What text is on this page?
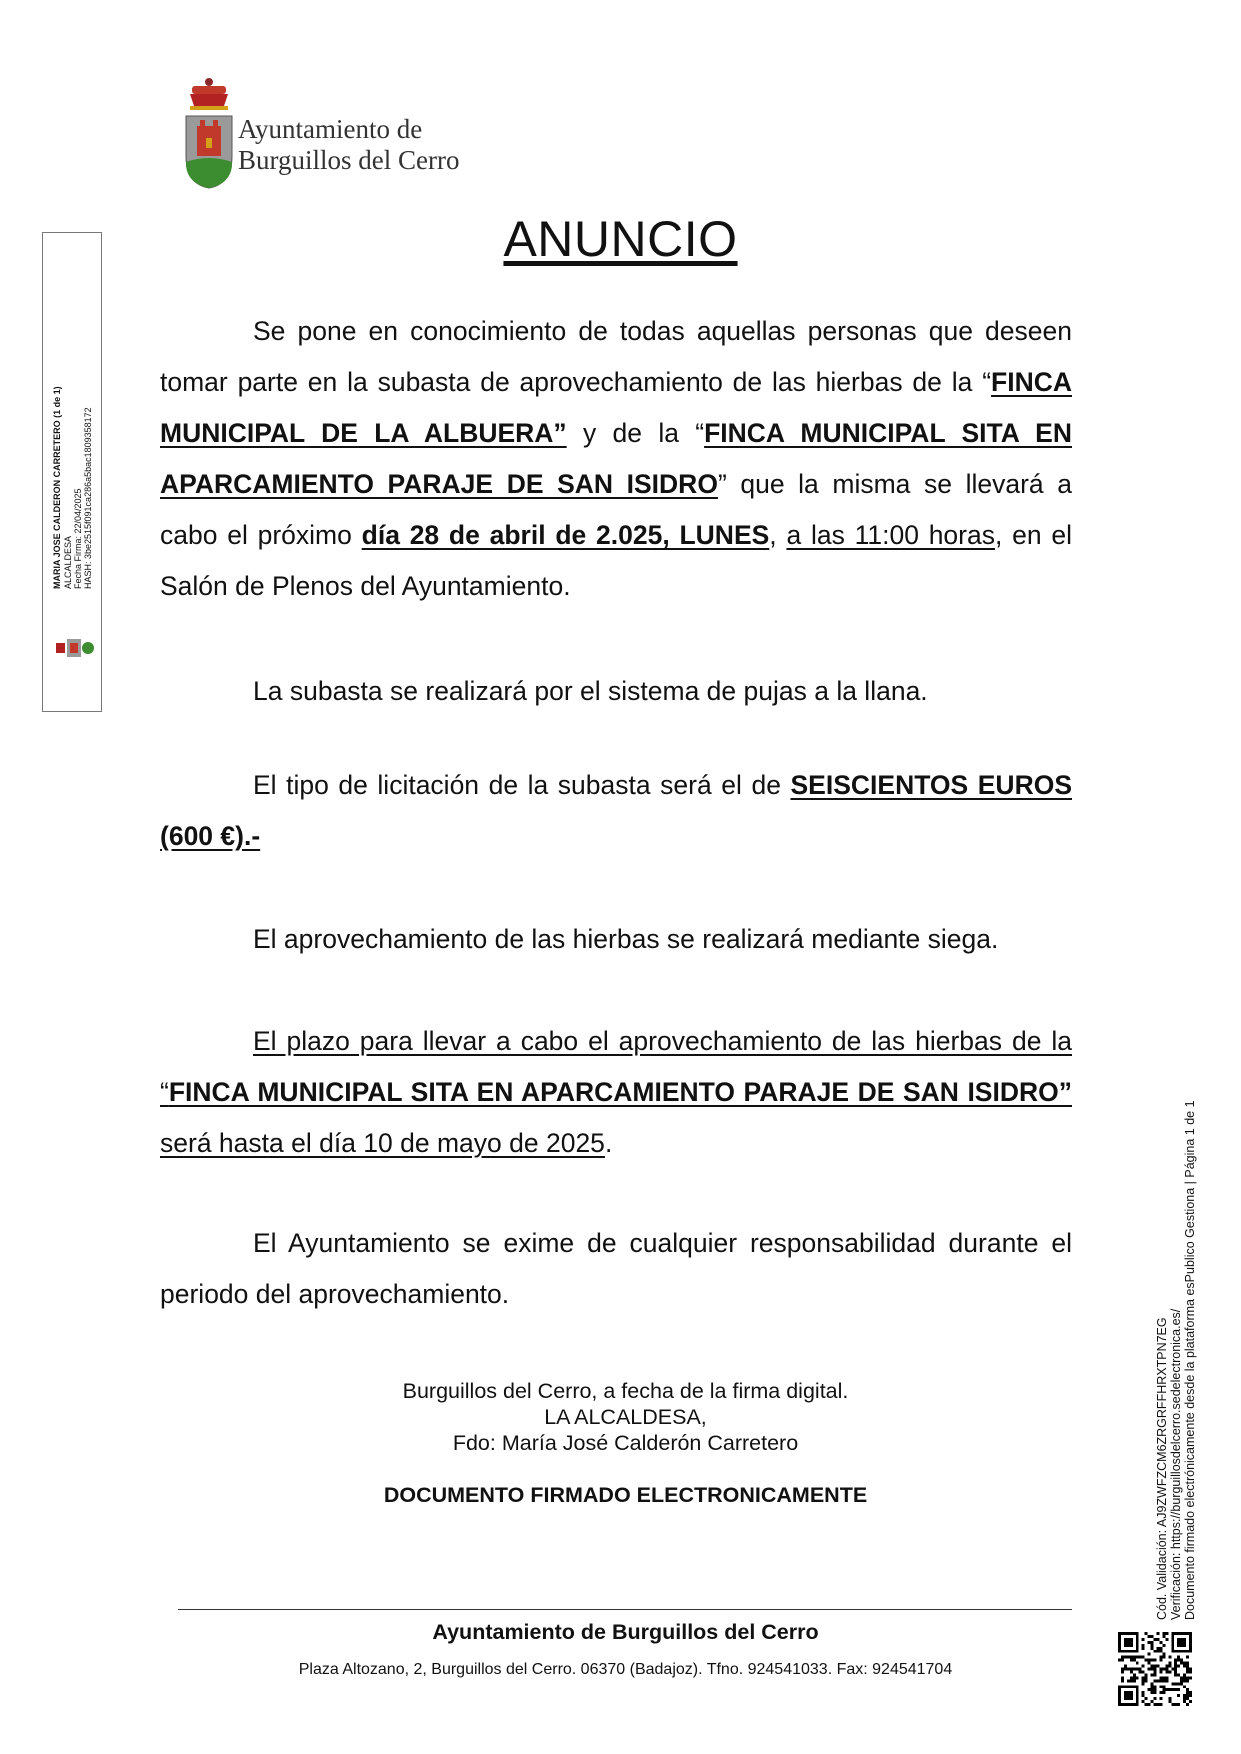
Ayuntamiento de
Burguillos del Cerro
MARIA JOSE CALDERON CARRETERO (1 de 1) ALCALDESA Fecha Firma: 22/04/2025 HASH: 3be2515f091ca286a5bac1809358172
ANUNCIO
Se pone en conocimiento de todas aquellas personas que deseen tomar parte en la subasta de aprovechamiento de las hierbas de la “FINCA MUNICIPAL DE LA ALBUERA” y de la “FINCA MUNICIPAL SITA EN APARCAMIENTO PARAJE DE SAN ISIDRO” que la misma se llevará a cabo el próximo día 28 de abril de 2.025, LUNES, a las 11:00 horas, en el Salón de Plenos del Ayuntamiento.
La subasta se realizará por el sistema de pujas a la llana.
El tipo de licitación de la subasta será el de SEISCIENTOS EUROS (600 €).-
El aprovechamiento de las hierbas se realizará mediante siega.
El plazo para llevar a cabo el aprovechamiento de las hierbas de la “FINCA MUNICIPAL SITA EN APARCAMIENTO PARAJE DE SAN ISIDRO” será hasta el día 10 de mayo de 2025.
El Ayuntamiento se exime de cualquier responsabilidad durante el periodo del aprovechamiento.
Burguillos del Cerro, a fecha de la firma digital.
LA ALCALDESA,
Fdo: María José Calderón Carretero
DOCUMENTO FIRMADO ELECTRONICAMENTE
Ayuntamiento de Burguillos del Cerro
Plaza Altozano, 2, Burguillos del Cerro. 06370 (Badajoz). Tfno. 924541033. Fax: 924541704
Cód. Validación: AJ9ZWFZCM6ZRGRFFHRXTPN7EG Verificación: https://burguillosdelcerro.sedelectronica.es/ Documento firmado electrónicamente desde la plataforma esPublico Gestiona | Página 1 de 1
